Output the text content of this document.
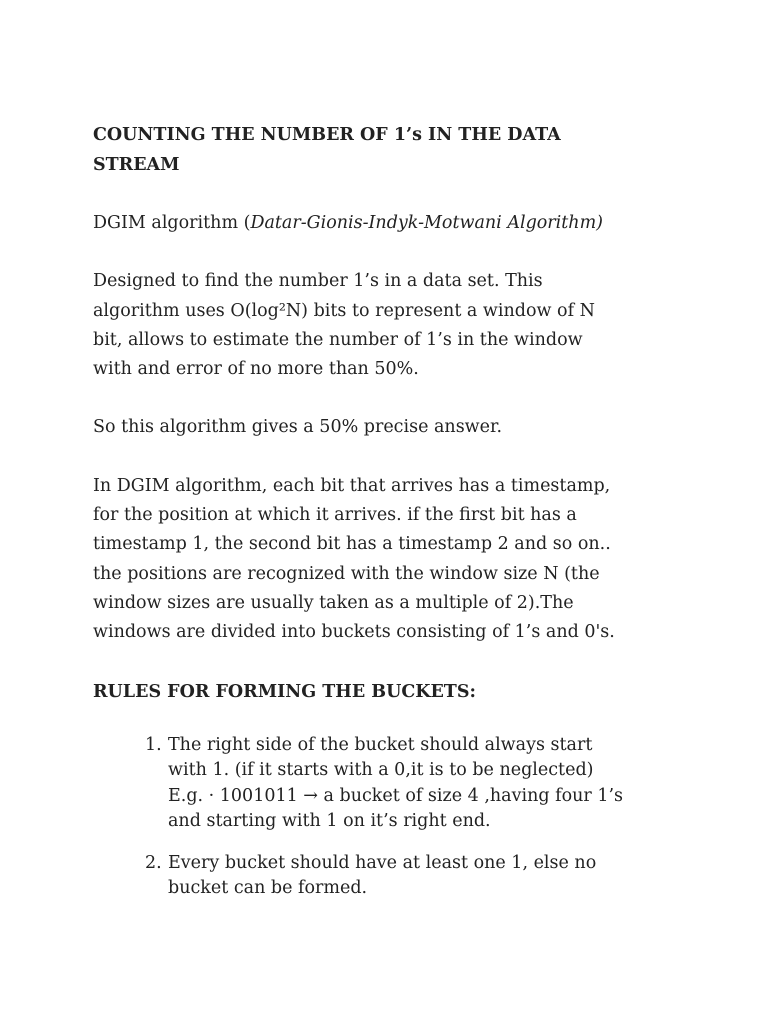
COUNTING THE NUMBER OF 1’s IN THE DATA
STREAM

DGIM algorithm (Datar-Gionis-Indyk-Motwani Algorithm)

Designed to find the number 1’s in a data set. This
algorithm uses O(log²N) bits to represent a window of N
bit, allows to estimate the number of 1’s in the window
with and error of no more than 50%.

So this algorithm gives a 50% precise answer.

In DGIM algorithm, each bit that arrives has a timestamp,
for the position at which it arrives. if the first bit has a
timestamp 1, the second bit has a timestamp 2 and so on..
the positions are recognized with the window size N (the
window sizes are usually taken as a multiple of 2).The
windows are divided into buckets consisting of 1’s and 0's.

RULES FOR FORMING THE BUCKETS:
1. The right side of the bucket should always start
with 1. (if it starts with a 0,it is to be neglected)
E.g. · 1001011 → a bucket of size 4 ,having four 1’s
and starting with 1 on it’s right end.
2. Every bucket should have at least one 1, else no
bucket can be formed.
